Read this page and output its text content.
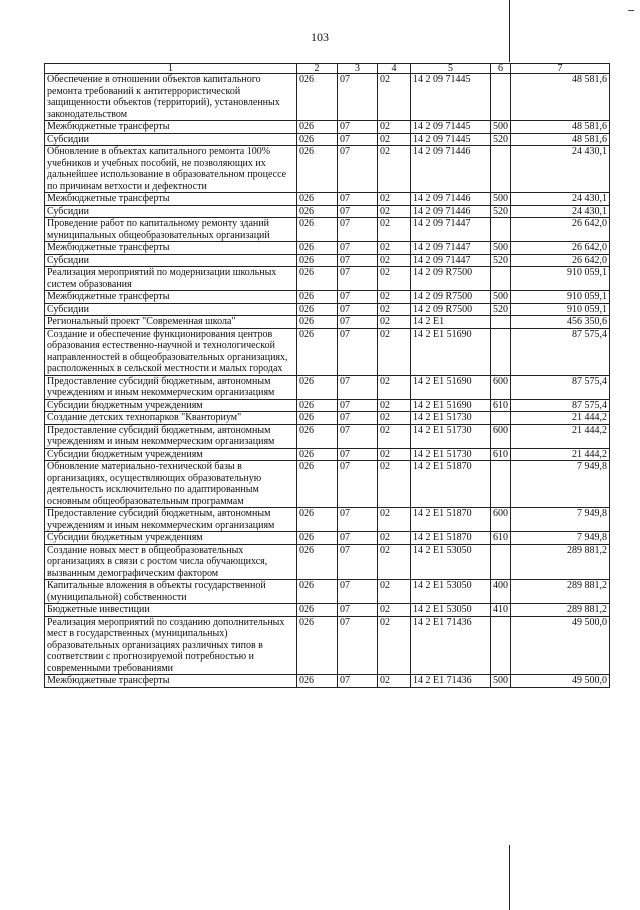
103
1	2	3	4	5	6	7
Обеспечение в отношении объектов капитального ремонта требований к антитеррористической защищенности объектов (территорий), установленных законодательством	026	07	02	14 2 09 71445		48 581,6
Межбюджетные трансферты	026	07	02	14 2 09 71445	500	48 581,6
Субсидии	026	07	02	14 2 09 71445	520	48 581,6
Обновление в объектах капитального ремонта 100% учебников и учебных пособий, не позволяющих их дальнейшее использование в образовательном процессе по причинам ветхости и дефектности	026	07	02	14 2 09 71446		24 430,1
Межбюджетные трансферты	026	07	02	14 2 09 71446	500	24 430,1
Субсидии	026	07	02	14 2 09 71446	520	24 430,1
Проведение работ по капитальному ремонту зданий муниципальных общеобразовательных организаций	026	07	02	14 2 09 71447		26 642,0
Межбюджетные трансферты	026	07	02	14 2 09 71447	500	26 642,0
Субсидии	026	07	02	14 2 09 71447	520	26 642,0
Реализация мероприятий по модернизации школьных систем образования	026	07	02	14 2 09 R7500		910 059,1
Межбюджетные трансферты	026	07	02	14 2 09 R7500	500	910 059,1
Субсидии	026	07	02	14 2 09 R7500	520	910 059,1
Региональный проект "Современная школа"	026	07	02	14 2 E1		456 350,6
Создание и обеспечение функционирования центров образования естественно-научной и технологической направленностей в общеобразовательных организациях, расположенных в сельской местности и малых городах	026	07	02	14 2 E1 51690		87 575,4
Предоставление субсидий бюджетным, автономным учреждениям и иным некоммерческим организациям	026	07	02	14 2 E1 51690	600	87 575,4
Субсидии бюджетным учреждениям	026	07	02	14 2 E1 51690	610	87 575,4
Создание детских технопарков "Кванториум"	026	07	02	14 2 E1 51730		21 444,2
Предоставление субсидий бюджетным, автономным учреждениям и иным некоммерческим организациям	026	07	02	14 2 E1 51730	600	21 444,2
Субсидии бюджетным учреждениям	026	07	02	14 2 E1 51730	610	21 444,2
Обновление материально-технической базы в организациях, осуществляющих образовательную деятельность исключительно по адаптированным основным общеобразовательным программам	026	07	02	14 2 E1 51870		7 949,8
Предоставление субсидий бюджетным, автономным учреждениям и иным некоммерческим организациям	026	07	02	14 2 E1 51870	600	7 949,8
Субсидии бюджетным учреждениям	026	07	02	14 2 E1 51870	610	7 949,8
Создание новых мест в общеобразовательных организациях в связи с ростом числа обучающихся, вызванным демографическим фактором	026	07	02	14 2 E1 53050		289 881,2
Капитальные вложения в объекты государственной (муниципальной) собственности	026	07	02	14 2 E1 53050	400	289 881,2
Бюджетные инвестиции	026	07	02	14 2 E1 53050	410	289 881,2
Реализация мероприятий по созданию дополнительных мест в государственных (муниципальных) образовательных организациях различных типов в соответствии с прогнозируемой потребностью и современными требованиями	026	07	02	14 2 E1 71436		49 500,0
Межбюджетные трансферты	026	07	02	14 2 E1 71436	500	49 500,0
